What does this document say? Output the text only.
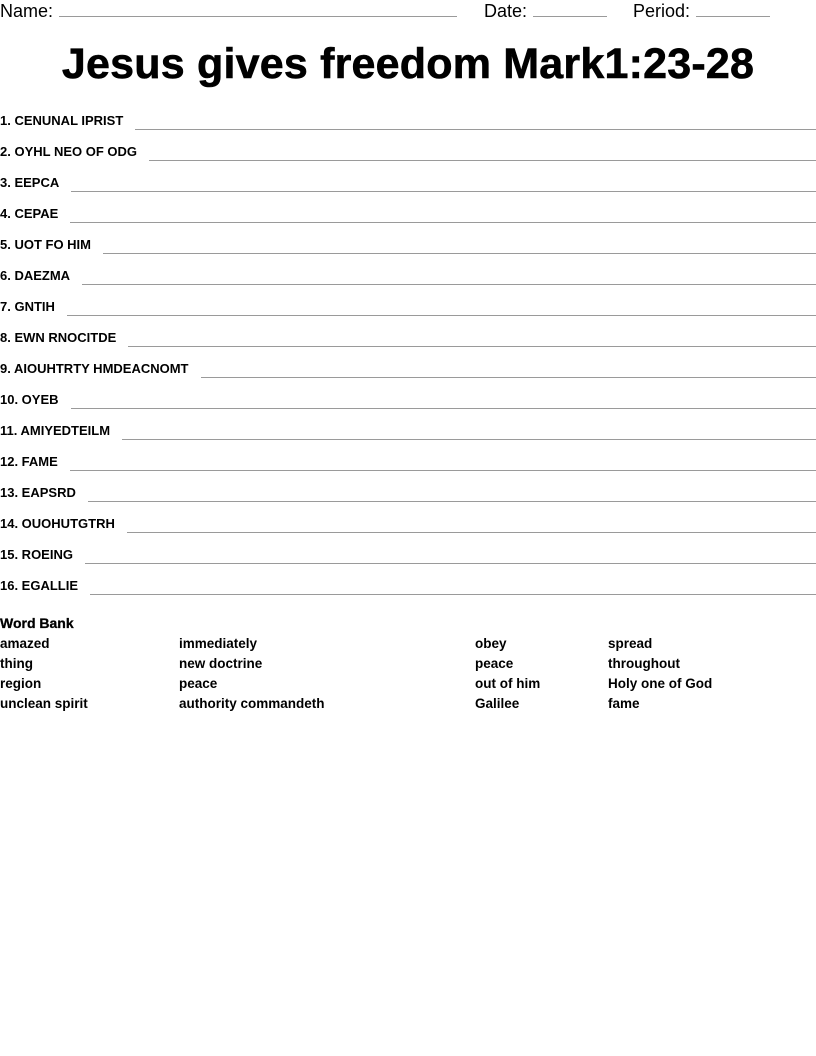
Name:	Date:	Period:
Jesus gives freedom Mark1:23-28
1. CENUNAL IPRIST
2. OYHL NEO OF ODG
3. EEPCA
4. CEPAE
5. UOT FO HIM
6. DAEZMA
7. GNTIH
8. EWN RNOCITDE
9. AIOUHTRTY HMDEACNOMT
10. OYEB
11. AMIYEDTEILM
12. FAME
13. EAPSRD
14. OUOHUTGTRH
15. ROEING
16. EGALLIE
Word Bank
amazed
thing
region
unclean spirit
immediately
new doctrine
peace
authority commandeth
obey
peace
out of him
Galilee
spread
throughout
Holy one of God
fame
